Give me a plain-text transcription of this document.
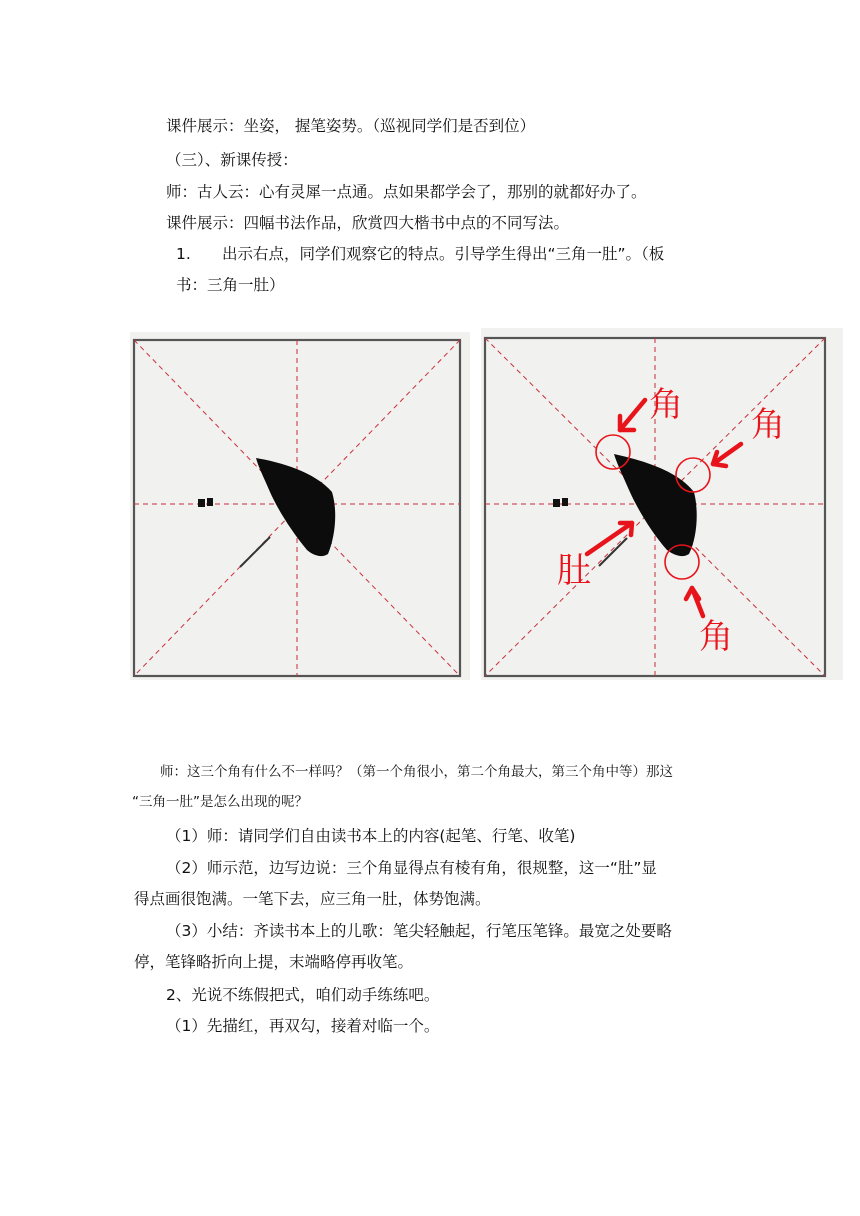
课件展示：坐姿， 握笔姿势。（巡视同学们是否到位）
（三）、新课传授：
师：古人云：心有灵犀一点通。点如果都学会了，那别的就都好办了。
课件展示：四幅书法作品，欣赏四大楷书中点的不同写法。
1. 出示右点，同学们观察它的特点。引导学生得出“三角一肚”。（板
书：三角一肚）
角 角
肚
角
师：这三个角有什么不一样吗？（第一个角很小，第二个角最大，第三个角中等）那这
“三角一肚”是怎么出现的呢？
（1）师：请同学们自由读书本上的内容(起笔、行笔、收笔)
（2）师示范，边写边说：三个角显得点有棱有角，很规整，这一“肚”显
得点画很饱满。一笔下去，应三角一肚，体势饱满。
（3）小结：齐读书本上的儿歌：笔尖轻触起，行笔压笔锋。最宽之处要略
停，笔锋略折向上提，末端略停再收笔。
2、光说不练假把式，咱们动手练练吧。
（1）先描红，再双勾，接着对临一个。
